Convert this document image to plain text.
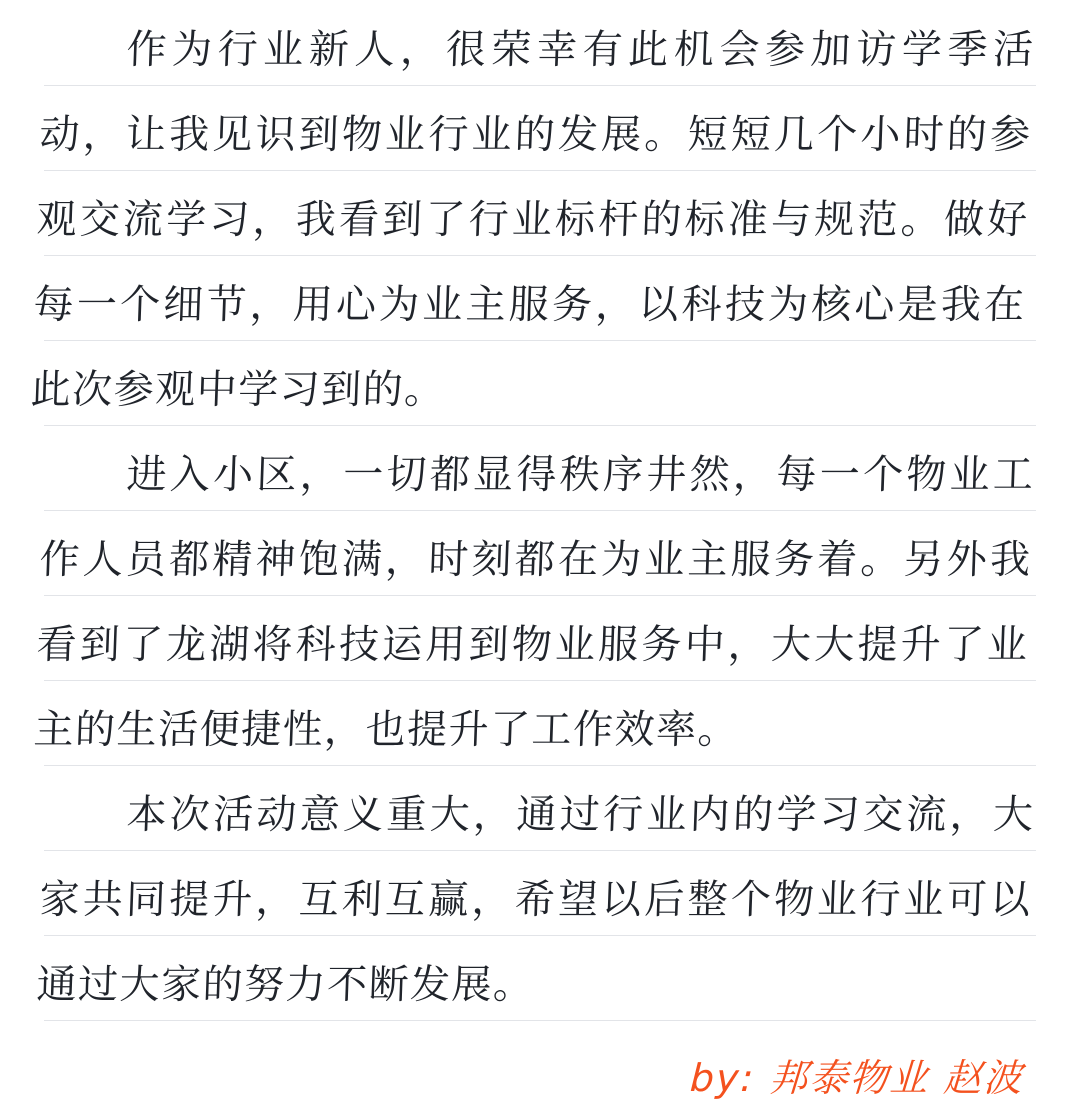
作为行业新人，很荣幸有此机会参加访学季活动，让我见识到物业行业的发展。短短几个小时的参观交流学习，我看到了行业标杆的标准与规范。做好每一个细节，用心为业主服务，以科技为核心是我在此次参观中学习到的。

进入小区，一切都显得秩序井然，每一个物业工作人员都精神饱满，时刻都在为业主服务着。另外我看到了龙湖将科技运用到物业服务中，大大提升了业主的生活便捷性，也提升了工作效率。

本次活动意义重大，通过行业内的学习交流，大家共同提升，互利互赢，希望以后整个物业行业可以通过大家的努力不断发展。

by: 邦泰物业 赵波
